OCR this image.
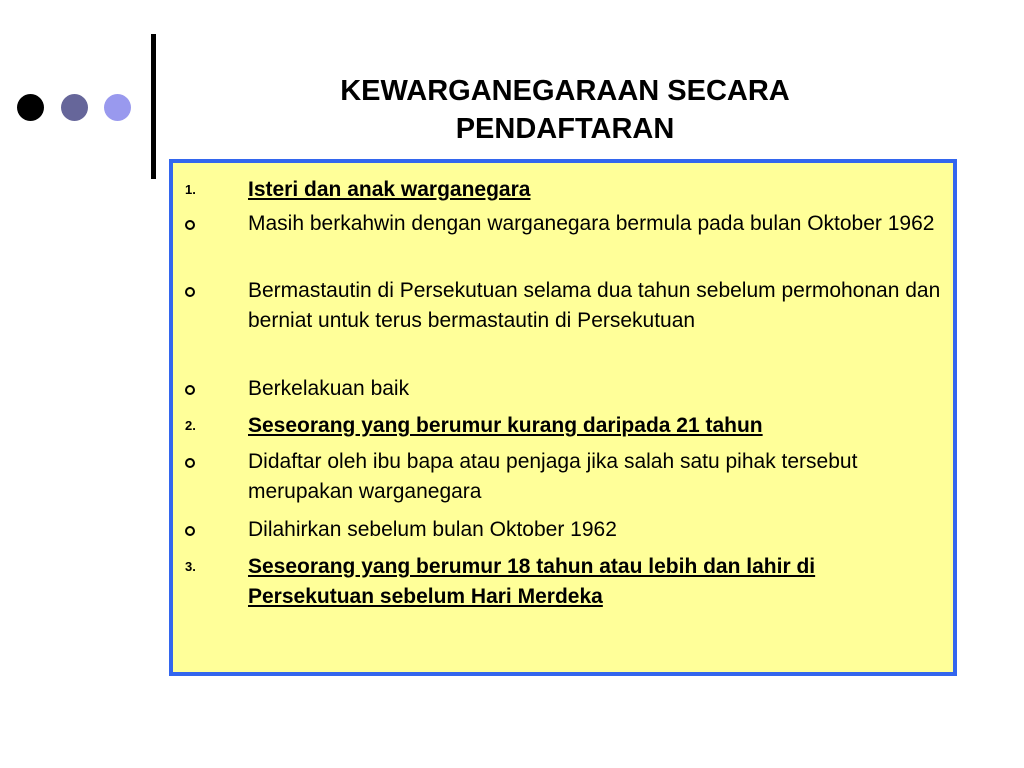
KEWARGANEGARAAN SECARA
PENDAFTARAN
1. Isteri dan anak warganegara
Masih berkahwin dengan warganegara bermula pada bulan Oktober 1962
Bermastautin di Persekutuan selama dua tahun sebelum permohonan dan berniat untuk terus bermastautin di Persekutuan
Berkelakuan baik
2. Seseorang yang berumur kurang daripada 21 tahun
Didaftar oleh ibu bapa atau penjaga jika salah satu pihak tersebut merupakan warganegara
Dilahirkan sebelum bulan Oktober 1962
3. Seseorang yang berumur 18 tahun atau lebih dan lahir di Persekutuan sebelum Hari Merdeka
